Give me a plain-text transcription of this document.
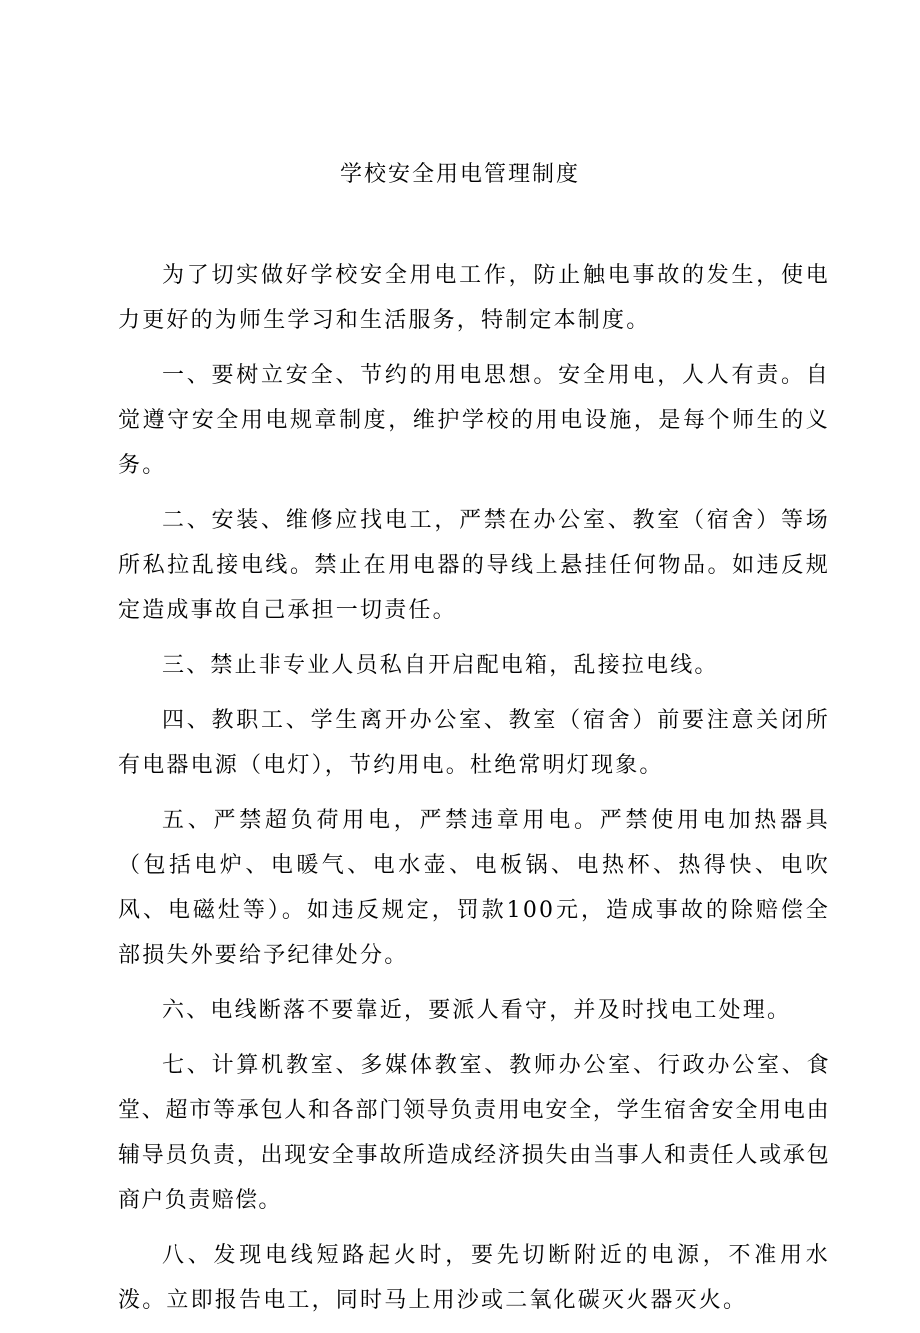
学校安全用电管理制度

为了切实做好学校安全用电工作，防止触电事故的发生，使电力更好的为师生学习和生活服务，特制定本制度。

一、要树立安全、节约的用电思想。安全用电，人人有责。自觉遵守安全用电规章制度，维护学校的用电设施，是每个师生的义务。

二、安装、维修应找电工，严禁在办公室、教室（宿舍）等场所私拉乱接电线。禁止在用电器的导线上悬挂任何物品。如违反规定造成事故自己承担一切责任。

三、禁止非专业人员私自开启配电箱，乱接拉电线。

四、教职工、学生离开办公室、教室（宿舍）前要注意关闭所有电器电源（电灯），节约用电。杜绝常明灯现象。

五、严禁超负荷用电，严禁违章用电。严禁使用电加热器具（包括电炉、电暖气、电水壶、电板锅、电热杯、热得快、电吹风、电磁灶等）。如违反规定，罚款100元，造成事故的除赔偿全部损失外要给予纪律处分。

六、电线断落不要靠近，要派人看守，并及时找电工处理。

七、计算机教室、多媒体教室、教师办公室、行政办公室、食堂、超市等承包人和各部门领导负责用电安全，学生宿舍安全用电由辅导员负责，出现安全事故所造成经济损失由当事人和责任人或承包商户负责赔偿。

八、发现电线短路起火时，要先切断附近的电源，不准用水泼。立即报告电工，同时马上用沙或二氧化碳灭火器灭火。
